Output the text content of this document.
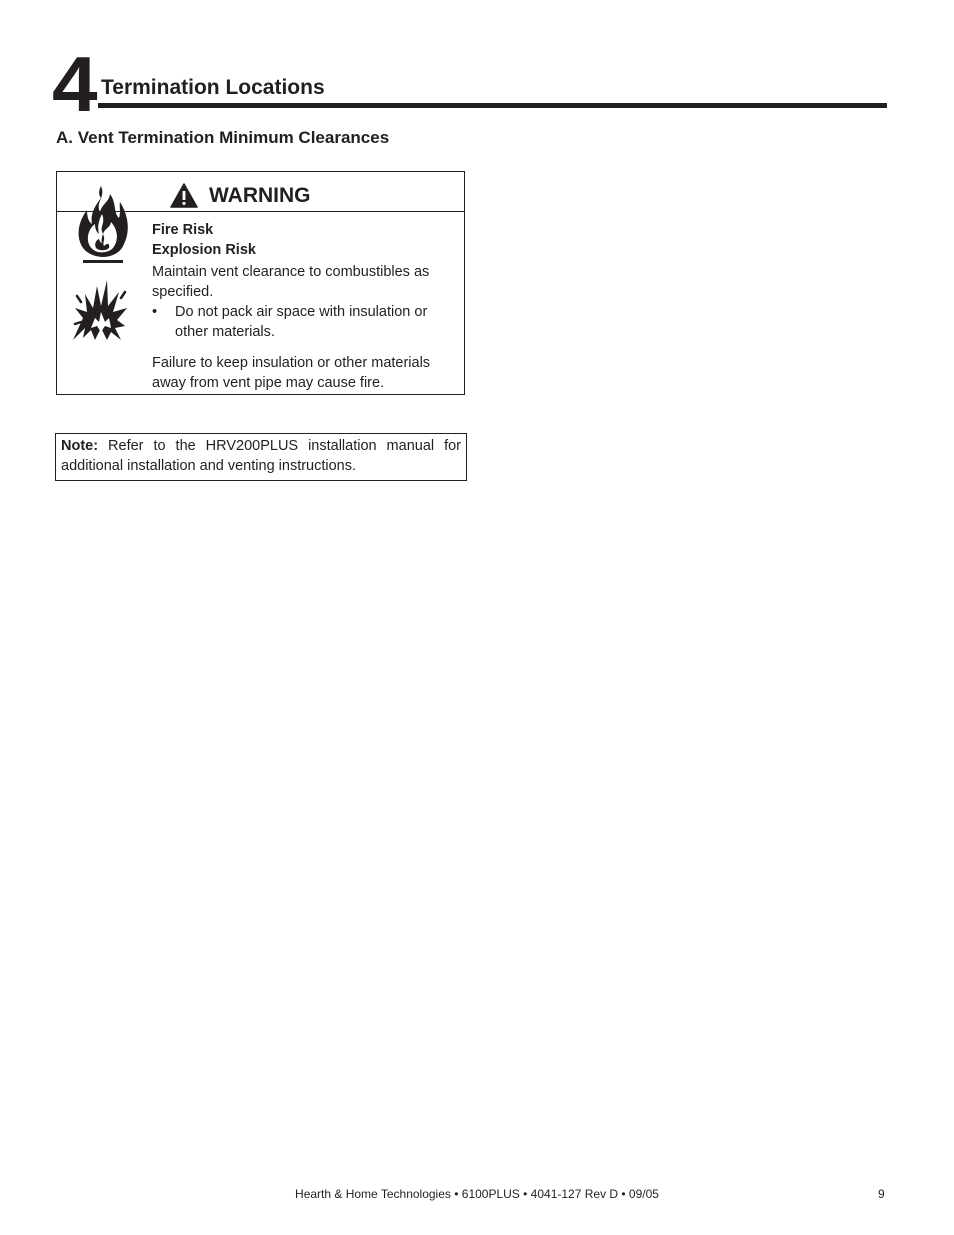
4 Termination Locations
A. Vent Termination Minimum Clearances
WARNING
Fire Risk
Explosion Risk
Maintain vent clearance to combustibles as specified.
•	Do not pack air space with insulation or other materials.
Failure to keep insulation or other materials away from vent pipe may cause fire.
Note: Refer to the HRV200PLUS installation manual for additional installation and venting instructions.
Hearth & Home Technologies • 6100PLUS • 4041-127 Rev D • 09/05	9
